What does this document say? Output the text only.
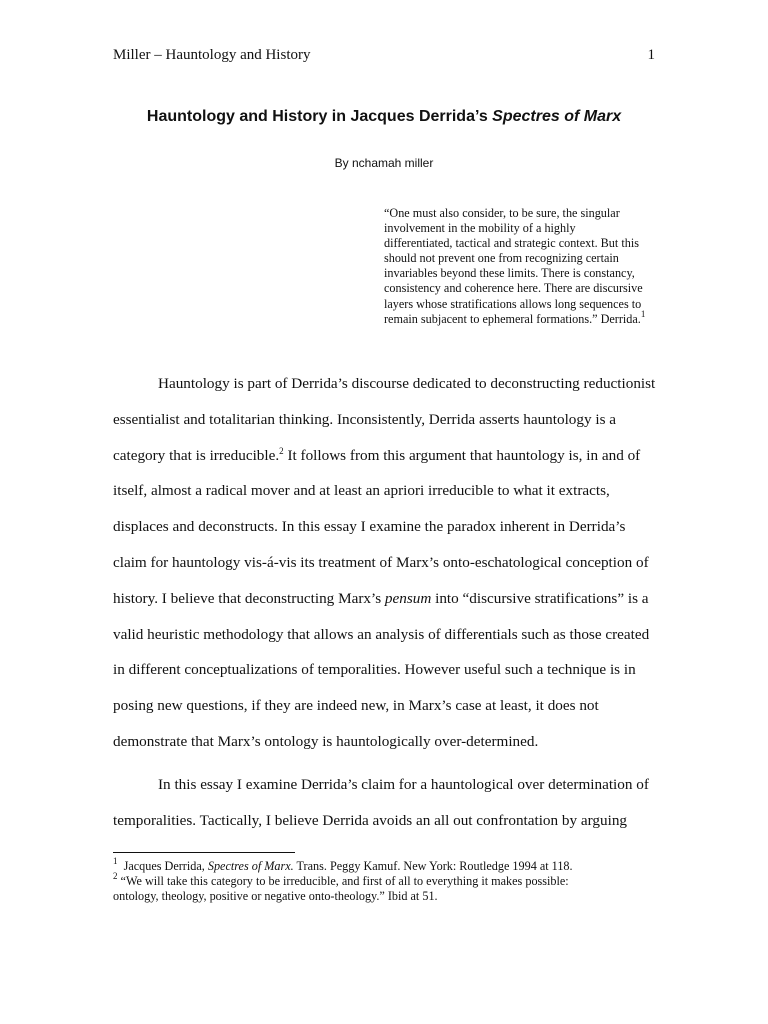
Miller – Hauntology and History	1
Hauntology and History in Jacques Derrida’s Spectres of Marx
By nchamah miller
“One must also consider, to be sure, the singular
involvement in the mobility of a highly
differentiated, tactical and strategic context. But this
should not prevent one from recognizing certain
invariables beyond these limits. There is constancy,
consistency and coherence here. There are discursive
layers whose stratifications allows long sequences to
remain subjacent to ephemeral formations.” Derrida.$^1$
Hauntology is part of Derrida’s discourse dedicated to deconstructing reductionist
essentialist and totalitarian thinking. Inconsistently, Derrida asserts hauntology is a
category that is irreducible.$^2$ It follows from this argument that hauntology is, in and of
itself, almost a radical mover and at least an apriori irreducible to what it extracts,
displaces and deconstructs. In this essay I examine the paradox inherent in Derrida’s
claim for hauntology vis-á-vis its treatment of Marx’s onto-eschatological conception of
history. I believe that deconstructing Marx’s pensum into “discursive stratifications” is a
valid heuristic methodology that allows an analysis of differentials such as those created
in different conceptualizations of temporalities. However useful such a technique is in
posing new questions, if they are indeed new, in Marx’s case at least, it does not
demonstrate that Marx’s ontology is hauntologically over-determined.
In this essay I examine Derrida’s claim for a hauntological over determination of
temporalities. Tactically, I believe Derrida avoids an all out confrontation by arguing
$^1$  Jacques Derrida, Spectres of Marx. Trans. Peggy Kamuf. New York: Routledge 1994 at 118.
$^2$ “We will take this category to be irreducible, and first of all to everything it makes possible:
ontology, theology, positive or negative onto-theology.” Ibid at 51.
